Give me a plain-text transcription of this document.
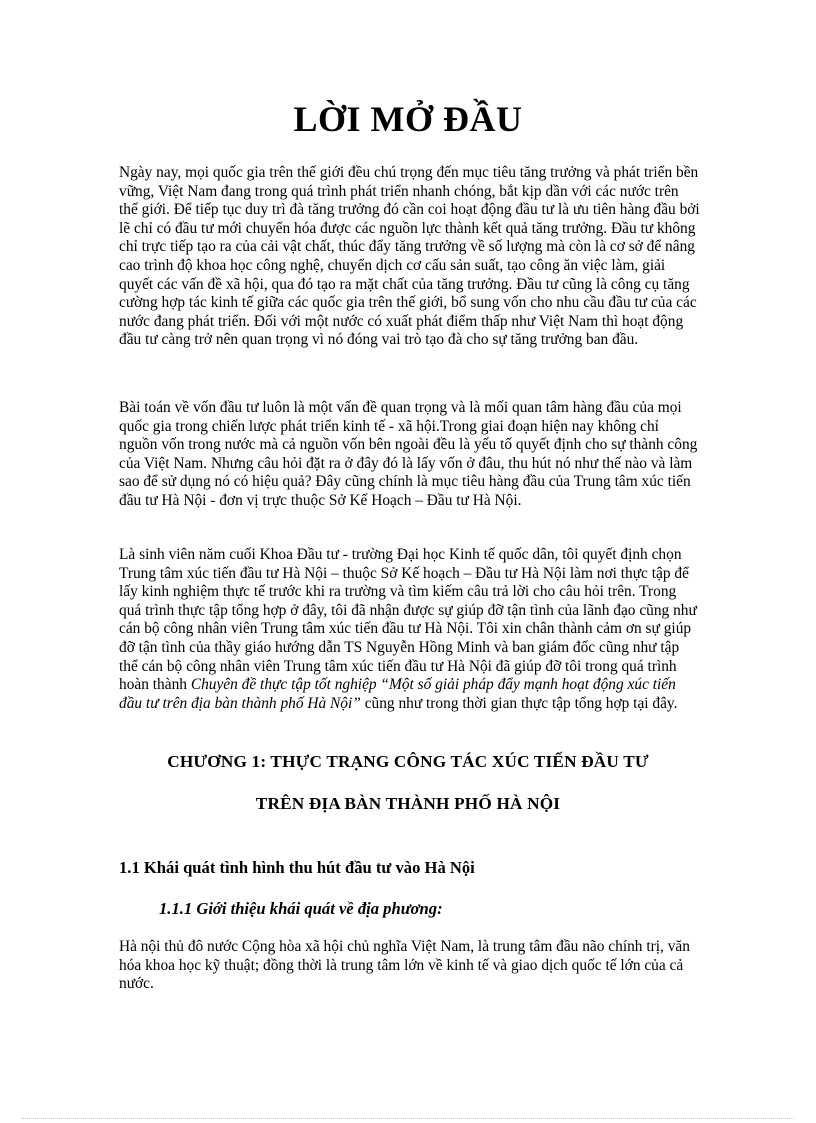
LỜI MỞ ĐẦU

Ngày nay, mọi quốc gia trên thế giới đều chú trọng đến mục tiêu tăng trưởng và phát triển bền vững, Việt Nam đang trong quá trình phát triển nhanh chóng, bắt kịp dần với các nước trên thế giới. Để tiếp tục duy trì đà tăng trưởng đó cần coi hoạt động đầu tư là ưu tiên hàng đầu bởi lẽ chỉ có đầu tư mới chuyển hóa được các nguồn lực thành kết quả tăng trưởng. Đầu tư không chỉ trực tiếp tạo ra của cải vật chất, thúc đẩy tăng trưởng về số lượng mà còn là cơ sở để nâng cao trình độ khoa học công nghệ, chuyển dịch cơ cấu sản suất, tạo công ăn việc làm, giải quyết các vấn đề xã hội, qua đó tạo ra mặt chất của tăng trưởng. Đầu tư cũng là công cụ tăng cường hợp tác kinh tế giữa các quốc gia trên thế giới, bổ sung vốn cho nhu cầu đầu tư của các nước đang phát triển. Đối với một nước có xuất phát điểm thấp như Việt Nam thì hoạt động đầu tư càng trở nên quan trọng vì nó đóng vai trò tạo đà cho sự tăng trưởng ban đầu.

Bài toán về vốn đầu tư luôn là một vấn đề quan trọng và là mối quan tâm hàng đầu của mọi quốc gia trong chiến lược phát triển kinh tế - xã hội.Trong giai đoạn hiện nay không chỉ nguồn vốn trong nước mà cả nguồn vốn bên ngoài đều là yếu tố quyết định cho sự thành công của Việt Nam. Nhưng câu hỏi đặt ra ở đây đó là lấy vốn ở đâu, thu hút nó như thế nào và làm sao để sử dụng nó có hiệu quả? Đây cũng chính là mục tiêu hàng đầu của Trung tâm xúc tiến đầu tư Hà Nội - đơn vị trực thuộc Sở Kế Hoạch – Đầu tư Hà Nội.

Là sinh viên năm cuối Khoa Đầu tư - trường Đại học Kinh tế quốc dân, tôi quyết định chọn Trung tâm xúc tiến đầu tư Hà Nội – thuộc Sở Kế hoạch – Đầu tư Hà Nội làm nơi thực tập để lấy kinh nghiệm thực tế trước khi ra trường và tìm kiếm câu trả lời cho câu hỏi trên. Trong quá trình thực tập tổng hợp ở đây, tôi đã nhận được sự giúp đỡ tận tình của lãnh đạo cũng như cán bộ công nhân viên Trung tâm xúc tiến đầu tư Hà Nội. Tôi xin chân thành cảm ơn sự giúp đỡ tận tình của thầy giáo hướng dẫn TS Nguyễn Hồng Minh và ban giám đốc cũng như tập thể cán bộ công nhân viên Trung tâm xúc tiến đầu tư Hà Nội đã giúp đỡ tôi trong quá trình hoàn thành Chuyên đề thực tập tốt nghiệp “Một số giải pháp đẩy mạnh hoạt động xúc tiến đầu tư trên địa bàn thành phố Hà Nội” cũng như trong thời gian thực tập tổng hợp tại đây.

CHƯƠNG 1: THỰC TRẠNG CÔNG TÁC XÚC TIẾN ĐẦU TƯ
TRÊN ĐỊA BÀN THÀNH PHỐ HÀ NỘI
1.1 Khái quát tình hình thu hút đầu tư vào Hà Nội
1.1.1 Giới thiệu khái quát về địa phương:

Hà nội thủ đô nước Cộng hòa xã hội chủ nghĩa Việt Nam, là trung tâm đầu não chính trị, văn hóa khoa học kỹ thuật; đồng thời là trung tâm lớn về kinh tế và giao dịch quốc tế lớn của cả nước.
